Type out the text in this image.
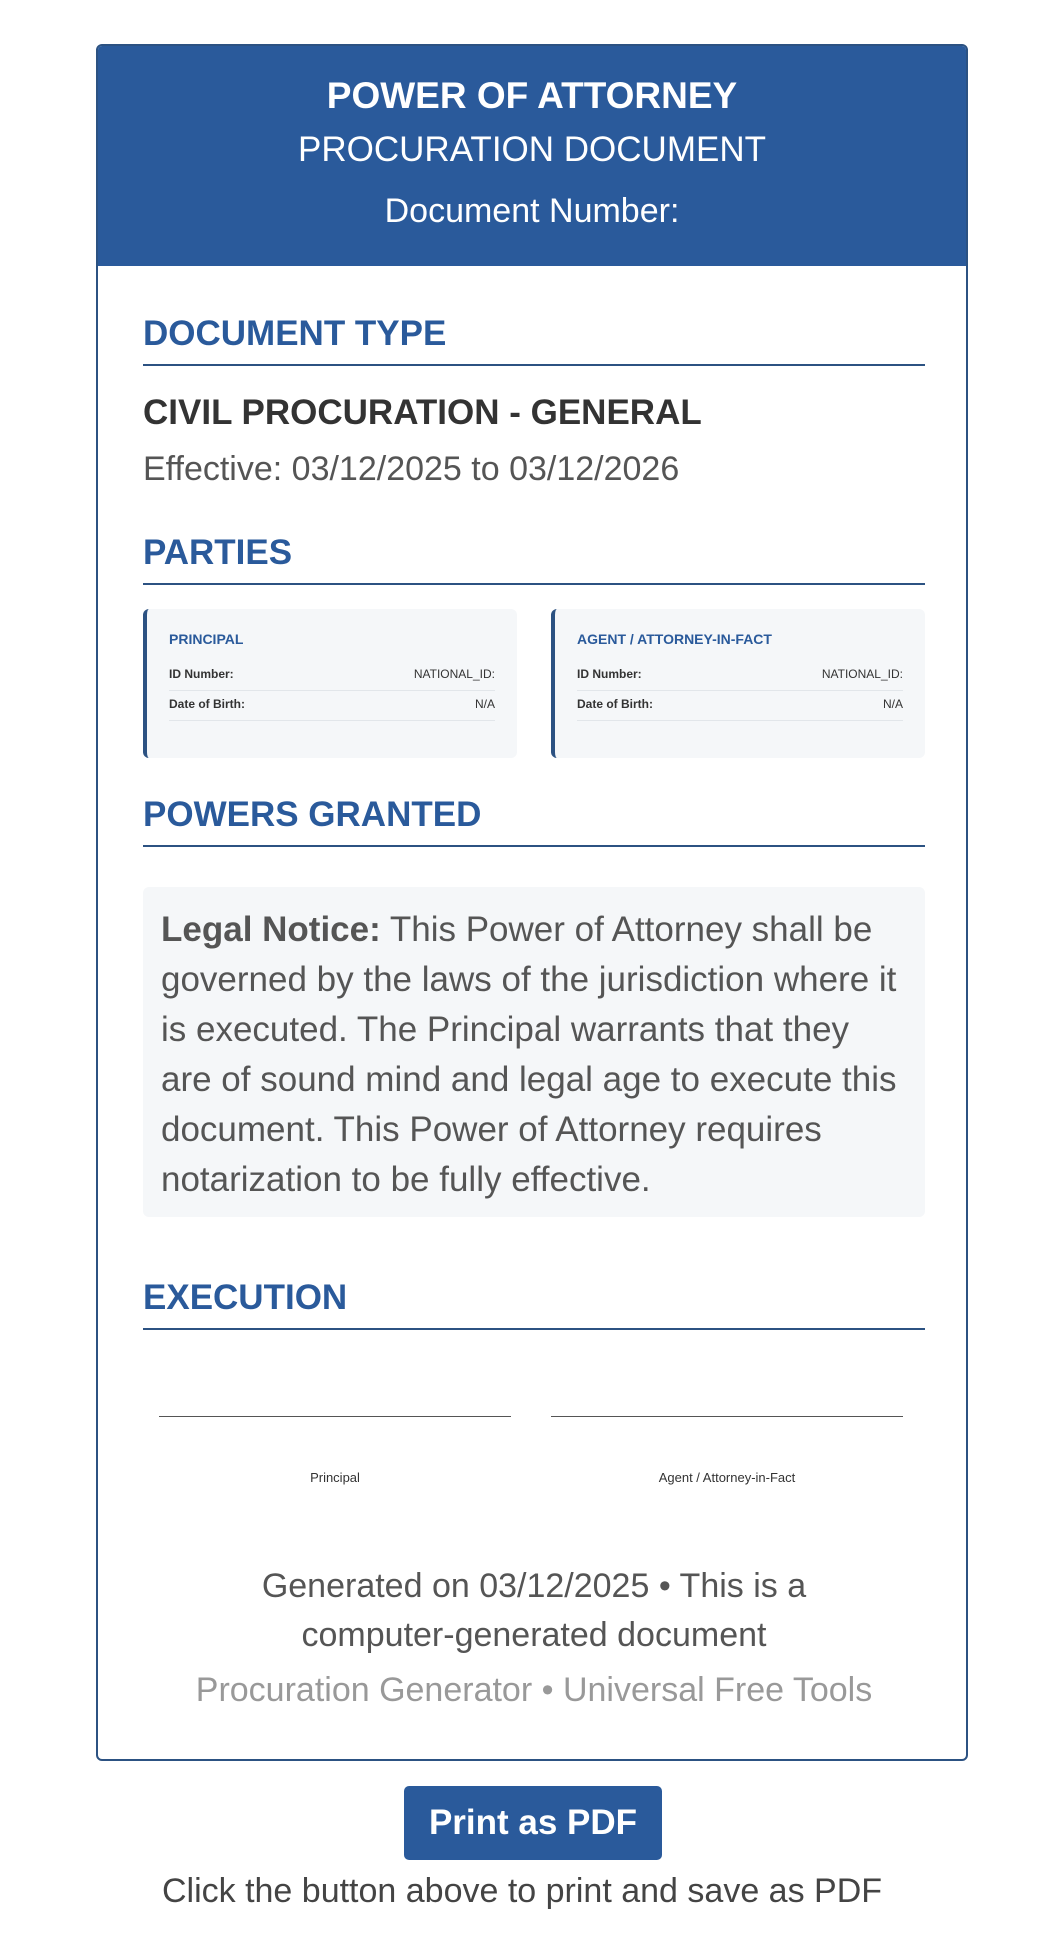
POWER OF ATTORNEY
PROCURATION DOCUMENT
Document Number:
DOCUMENT TYPE
CIVIL PROCURATION - GENERAL
Effective: 03/12/2025 to 03/12/2026
PARTIES
PRINCIPAL
ID Number:	NATIONAL_ID:
Date of Birth:	N/A
AGENT / ATTORNEY-IN-FACT
ID Number:	NATIONAL_ID:
Date of Birth:	N/A
POWERS GRANTED
Legal Notice: This Power of Attorney shall be governed by the laws of the jurisdiction where it is executed. The Principal warrants that they are of sound mind and legal age to execute this document. This Power of Attorney requires notarization to be fully effective.
EXECUTION
Principal	Agent / Attorney-in-Fact
Generated on 03/12/2025 • This is a computer-generated document
Procuration Generator • Universal Free Tools
Print as PDF
Click the button above to print and save as PDF
